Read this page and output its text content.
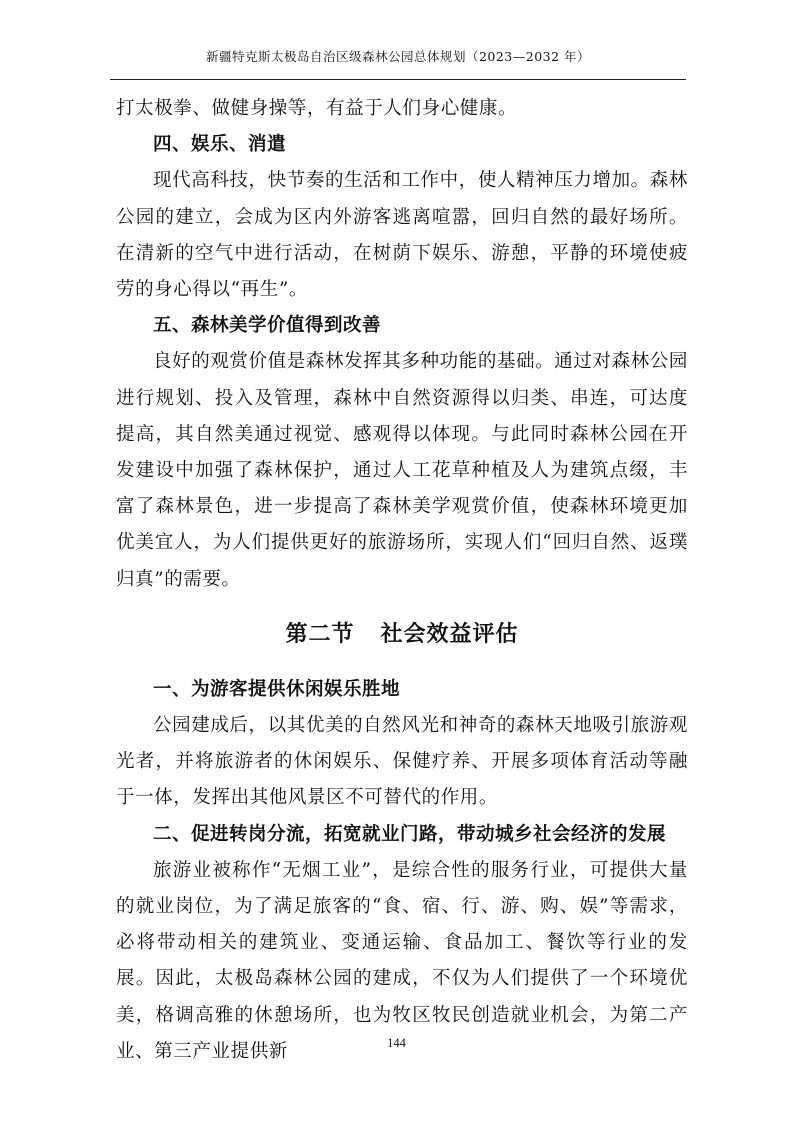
新疆特克斯太极岛自治区级森林公园总体规划（2023—2032 年）

打太极拳、做健身操等，有益于人们身心健康。

四、娱乐、消遣

现代高科技，快节奏的生活和工作中，使人精神压力增加。森林公园的建立，会成为区内外游客逃离喧嚣，回归自然的最好场所。在清新的空气中进行活动，在树荫下娱乐、游憩，平静的环境使疲劳的身心得以“再生”。

五、森林美学价值得到改善

良好的观赏价值是森林发挥其多种功能的基础。通过对森林公园进行规划、投入及管理，森林中自然资源得以归类、串连，可达度提高，其自然美通过视觉、感观得以体现。与此同时森林公园在开发建设中加强了森林保护，通过人工花草种植及人为建筑点缀，丰富了森林景色，进一步提高了森林美学观赏价值，使森林环境更加优美宜人，为人们提供更好的旅游场所，实现人们“回归自然、返璞归真”的需要。

第二节 社会效益评估

一、为游客提供休闲娱乐胜地

公园建成后，以其优美的自然风光和神奇的森林天地吸引旅游观光者，并将旅游者的休闲娱乐、保健疗养、开展多项体育活动等融于一体，发挥出其他风景区不可替代的作用。

二、促进转岗分流，拓宽就业门路，带动城乡社会经济的发展

旅游业被称作“无烟工业”，是综合性的服务行业，可提供大量的就业岗位，为了满足旅客的“食、宿、行、游、购、娱”等需求，必将带动相关的建筑业、变通运输、食品加工、餐饮等行业的发展。因此，太极岛森林公园的建成，不仅为人们提供了一个环境优美，格调高雅的休憩场所，也为牧区牧民创造就业机会，为第二产业、第三产业提供新	144
